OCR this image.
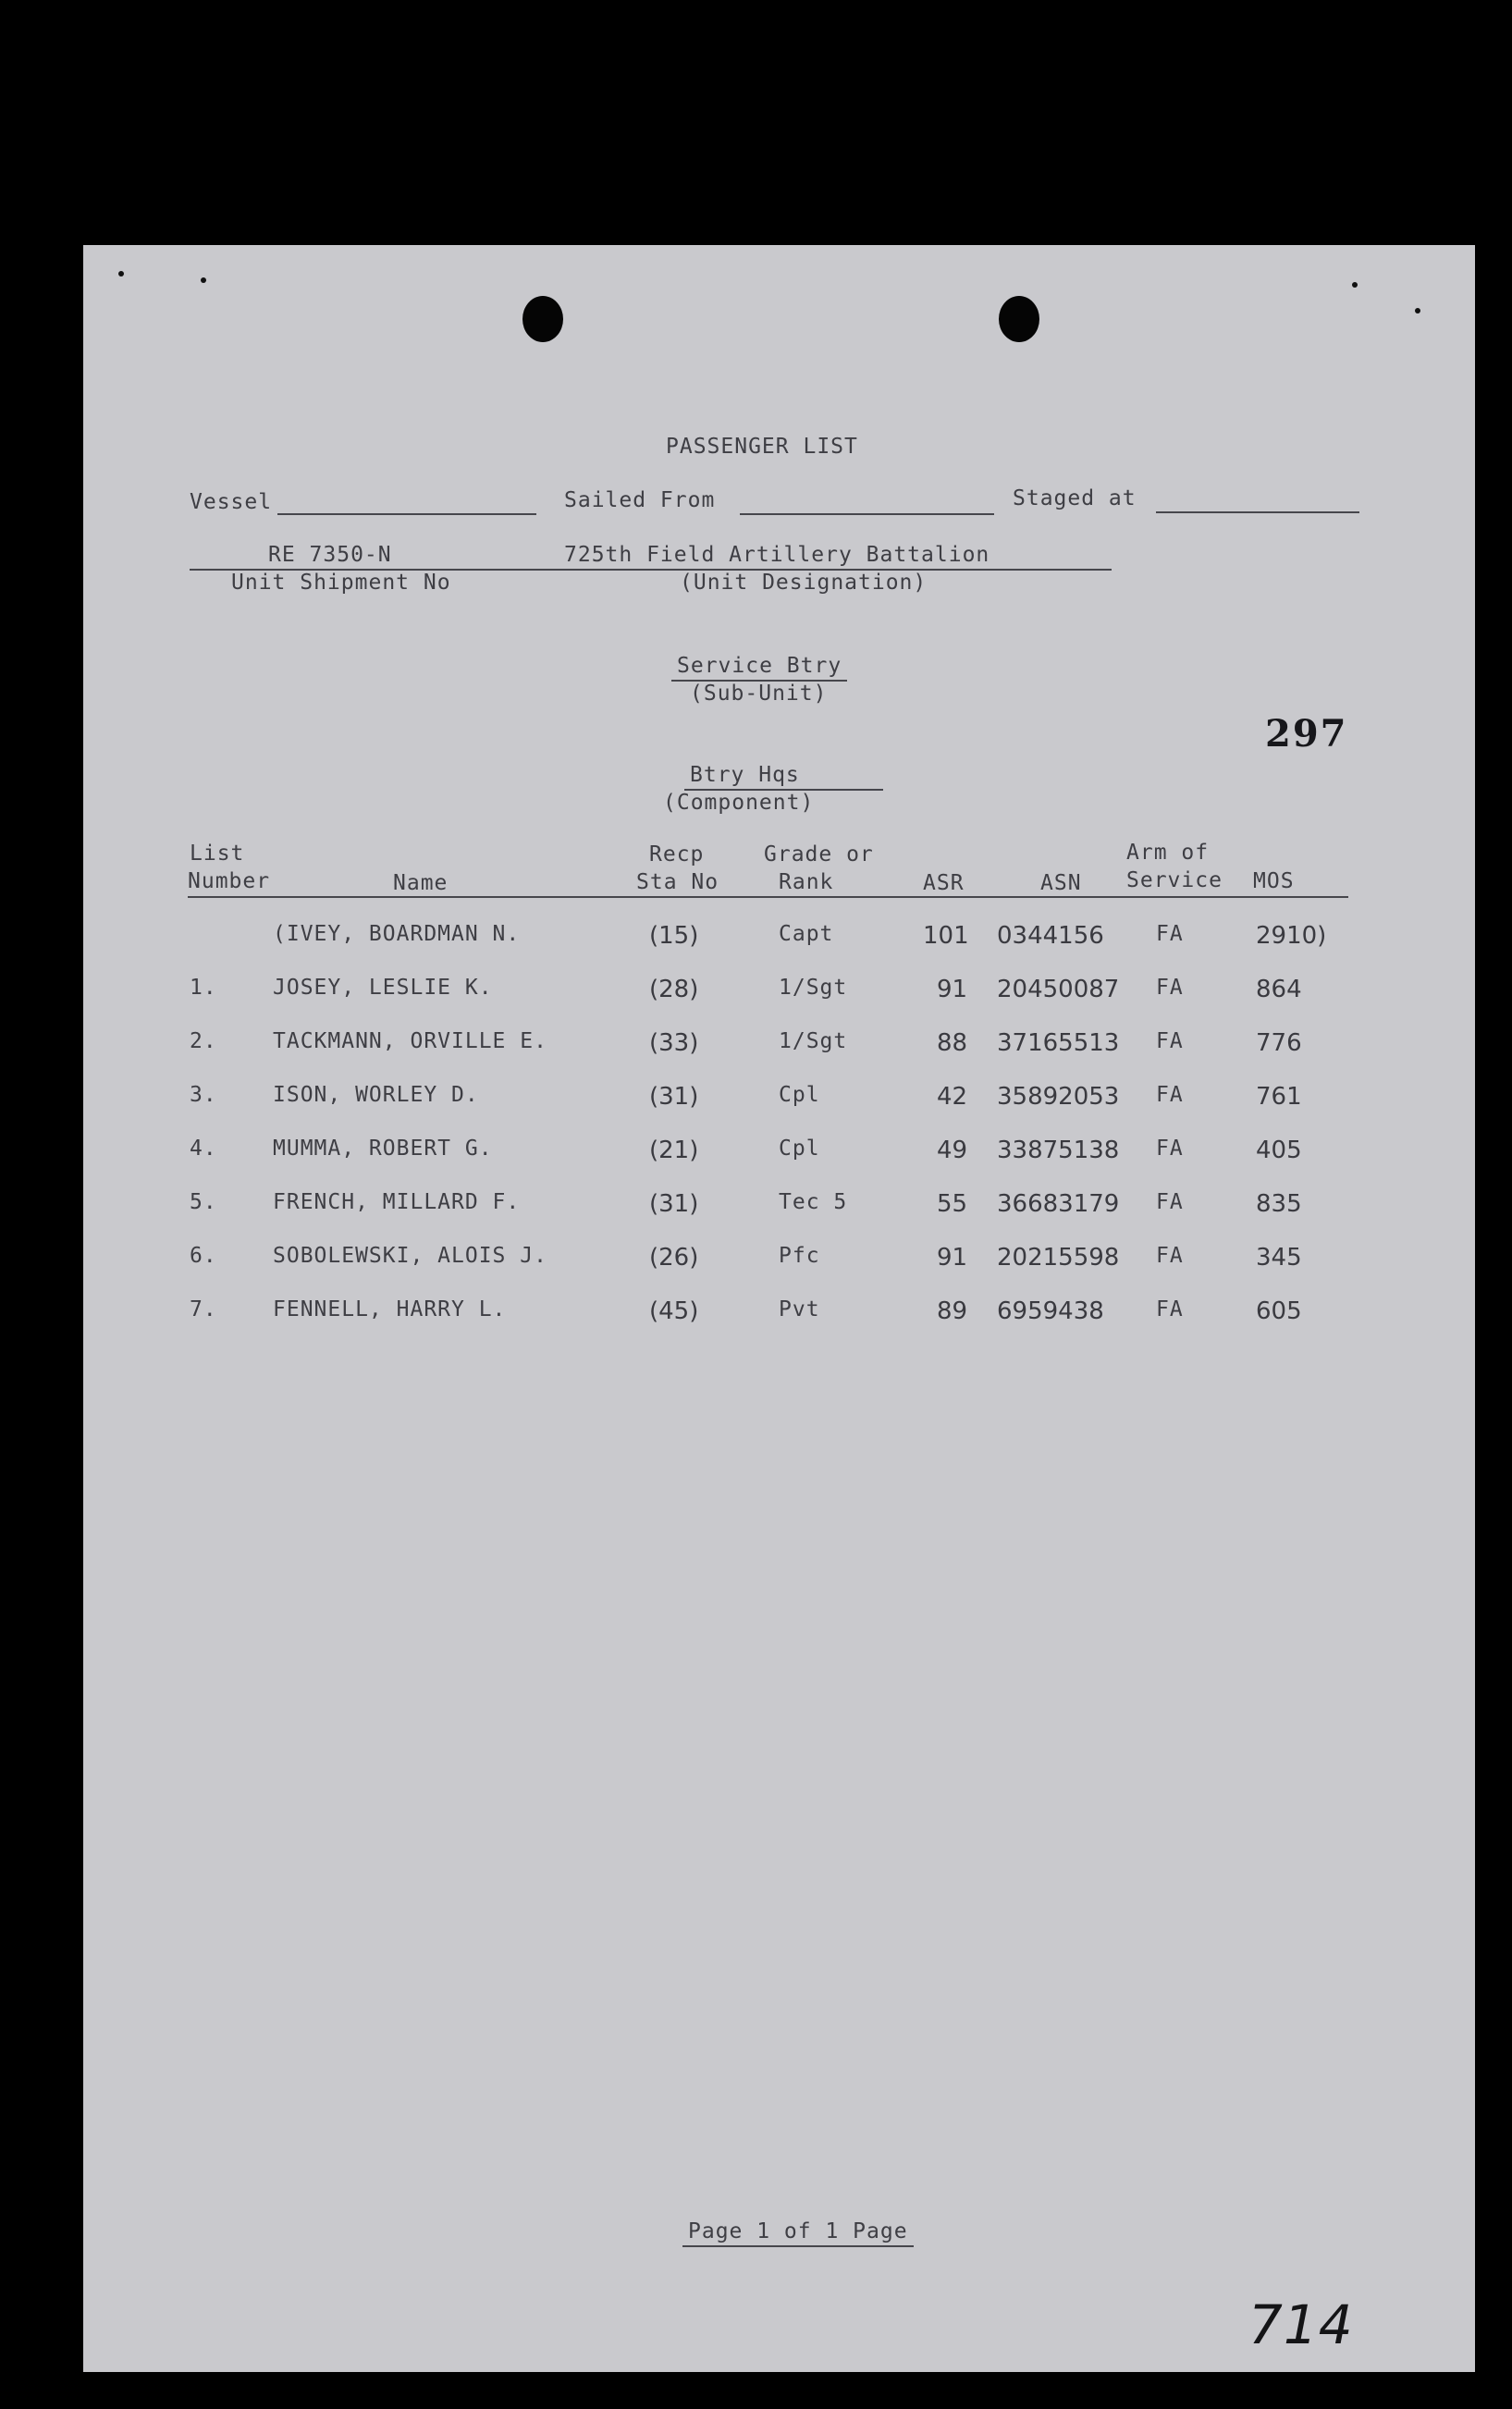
PASSENGER LIST
Vessel	Sailed From	Staged at
RE 7350-N
Unit Shipment No
725th Field Artillery Battalion
(Unit Designation)
Service Btry
(Sub-Unit)
297
Btry Hqs
(Component)
List
Number	Name
Recp
Sta No
Grade or
Rank	ASR	ASN
Arm of
Service MOS
(IVEY, BOARDMAN N.	(15)	Capt	101 0344156 FA	2910)
1.	JOSEY, LESLIE K.	(28)	1/Sgt	91 20450087 FA	864
2.	TACKMANN, ORVILLE E.	(33)	1/Sgt	88 37165513 FA	776
3.	ISON, WORLEY D.	(31)	Cpl	42 35892053 FA	761
4.	MUMMA, ROBERT G.	(21)	Cpl	49 33875138 FA	405
5.	FRENCH, MILLARD F.	(31)	Tec 5	55 36683179 FA	835
6.	SOBOLEWSKI, ALOIS J.	(26)	Pfc	91 20215598 FA	345
7.	FENNELL, HARRY L.	(45)	Pvt	89 6959438 FA	605
Page 1 of 1 Page
714
